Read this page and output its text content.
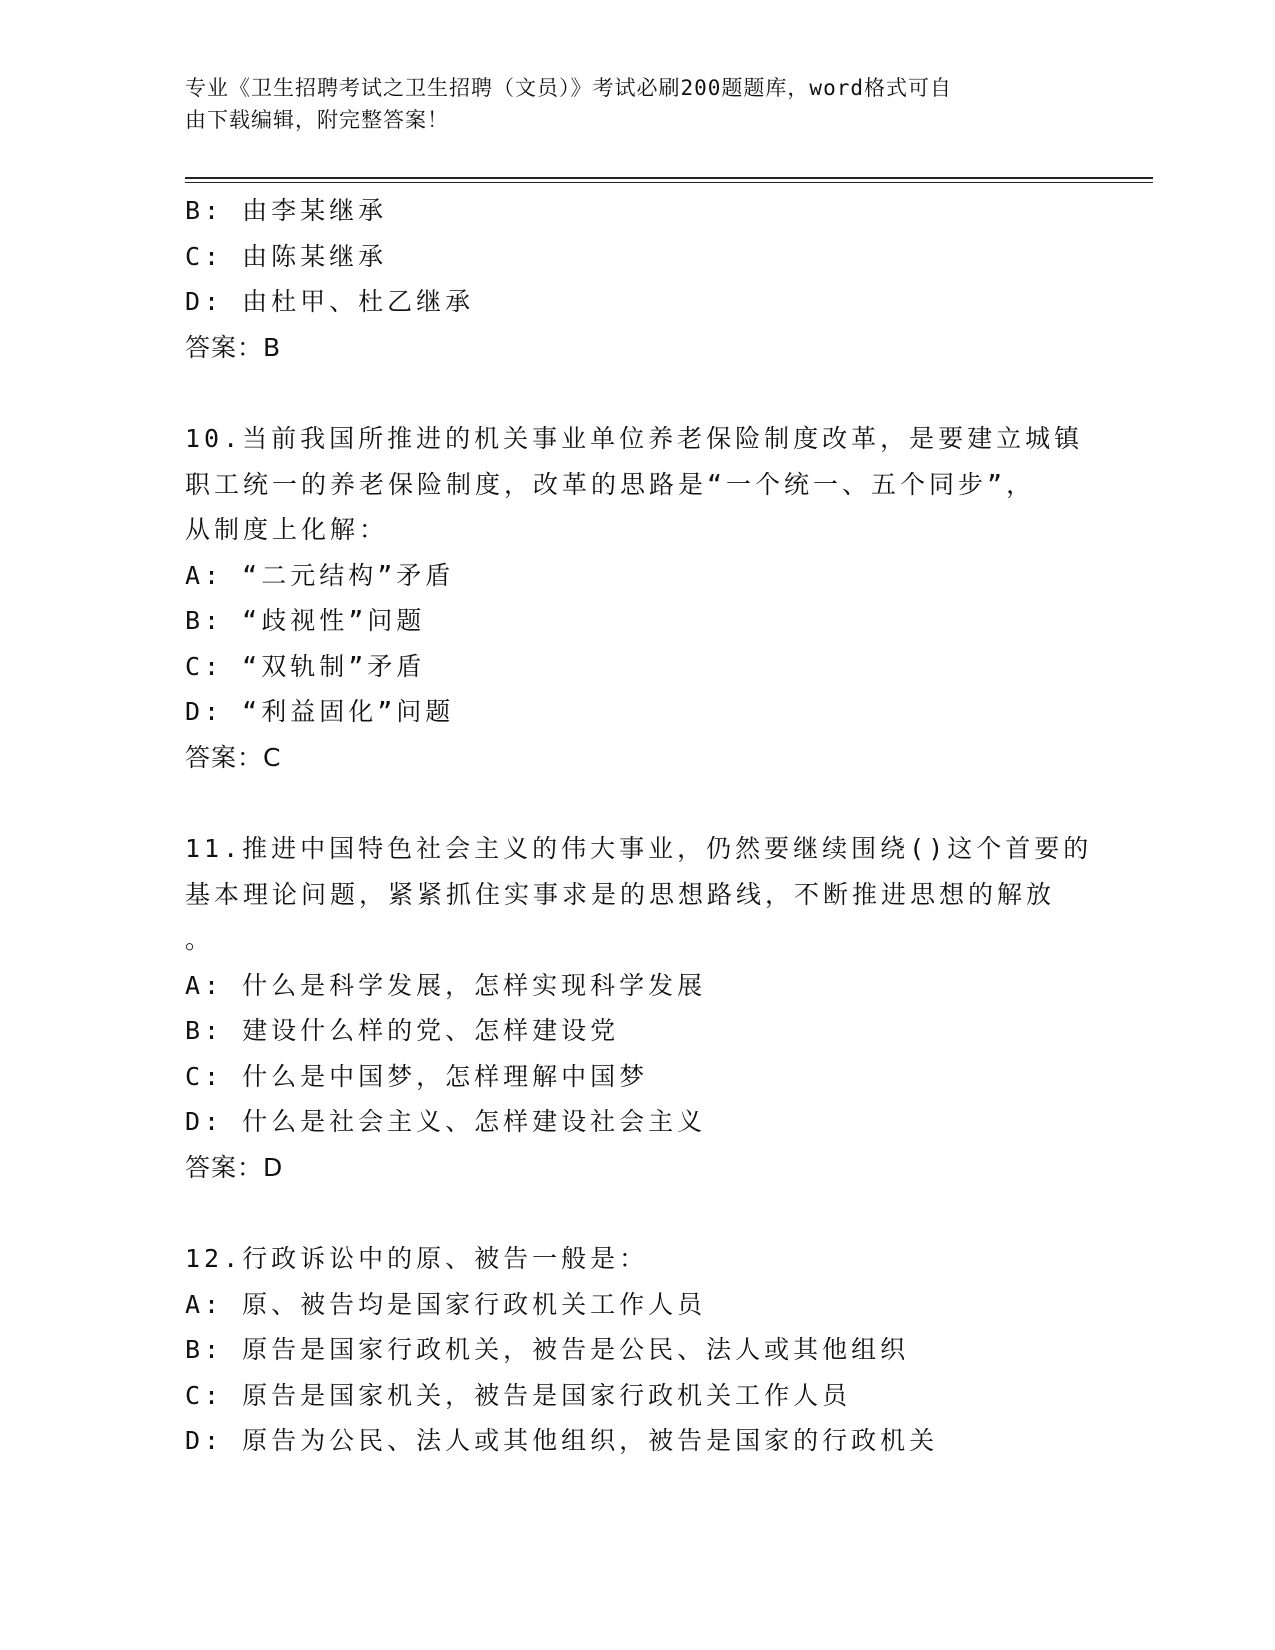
专业《卫生招聘考试之卫生招聘（文员）》考试必刷200题题库，word格式可自
由下载编辑，附完整答案！
B: 由李某继承
C: 由陈某继承
D: 由杜甲、杜乙继承
答案：B
10.当前我国所推进的机关事业单位养老保险制度改革，是要建立城镇
职工统一的养老保险制度，改革的思路是“一个统一、五个同步”，
从制度上化解：
A: “二元结构”矛盾
B: “歧视性”问题
C: “双轨制”矛盾
D: “利益固化”问题
答案：C
11.推进中国特色社会主义的伟大事业，仍然要继续围绕()这个首要的
基本理论问题，紧紧抓住实事求是的思想路线，不断推进思想的解放
。
A: 什么是科学发展，怎样实现科学发展
B: 建设什么样的党、怎样建设党
C: 什么是中国梦，怎样理解中国梦
D: 什么是社会主义、怎样建设社会主义
答案：D
12.行政诉讼中的原、被告一般是：
A: 原、被告均是国家行政机关工作人员
B: 原告是国家行政机关，被告是公民、法人或其他组织
C: 原告是国家机关，被告是国家行政机关工作人员
D: 原告为公民、法人或其他组织，被告是国家的行政机关
